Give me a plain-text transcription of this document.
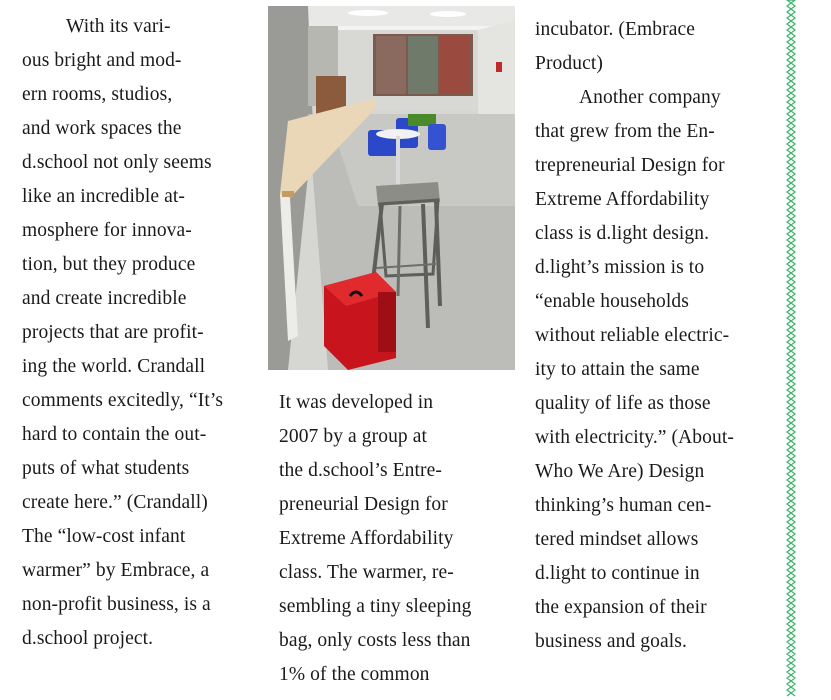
With its vari-
ous bright and mod-
ern rooms, studios,
and work spaces the
d.school not only seems
like an incredible at-
mosphere for innova-
tion, but they produce
and create incredible
projects that are profit-
ing the world. Crandall
comments excitedly, “It’s
hard to contain the out-
puts of what students
create here.” (Crandall)
The “low-cost infant
warmer” by Embrace, a
non-profit business, is a
d.school project.
It was developed in
2007 by a group at
the d.school’s Entre-
preneurial Design for
Extreme Affordability
class. The warmer, re-
sembling a tiny sleeping
bag, only costs less than
1% of the common
incubator. (Embrace
Product)
Another company
that grew from the En-
trepreneurial Design for
Extreme Affordability
class is d.light design.
d.light’s mission is to
“enable households
without reliable electric-
ity to attain the same
quality of life as those
with electricity.” (About-
Who We Are) Design
thinking’s human cen-
tered mindset allows
d.light to continue in
the expansion of their
business and goals.
